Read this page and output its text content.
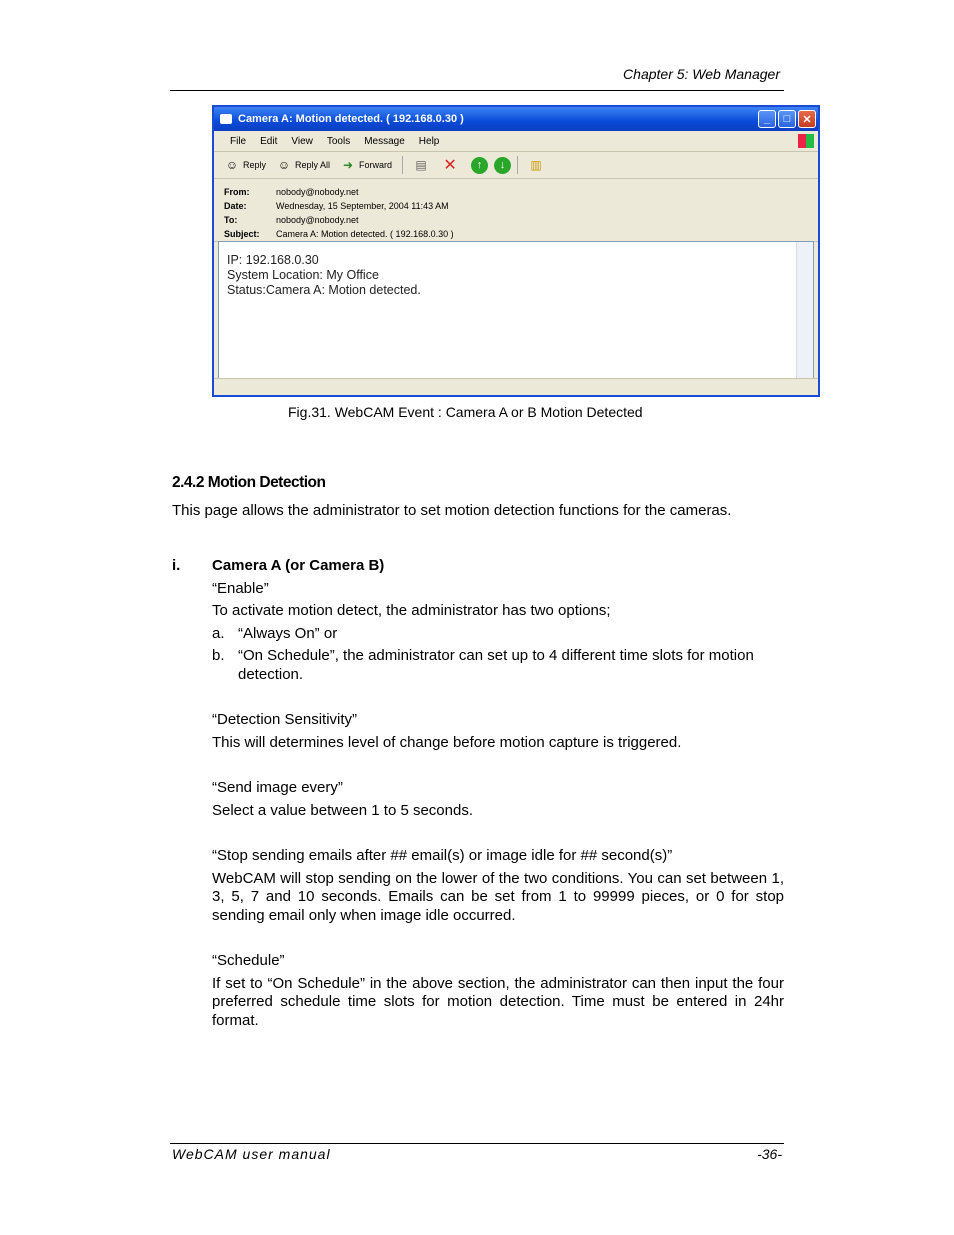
Chapter 5: Web Manager
Camera A: Motion detected. ( 192.168.0.30 )	_	□	✕
File Edit View Tools Message Help
☺ Reply ☺ Reply All ➜ Forward ▤ ✕	↑	↓	▥
From:	nobody@nobody.net
Date:	Wednesday, 15 September, 2004 11:43 AM
To:	nobody@nobody.net
Subject:	Camera A: Motion detected. ( 192.168.0.30 )
IP: 192.168.0.30
System Location: My Office
Status:Camera A: Motion detected.
Fig.31. WebCAM Event : Camera A or B Motion Detected
2.4.2 Motion Detection
This page allows the administrator to set motion detection functions for the cameras.
i.	Camera A (or Camera B)
“Enable”
To activate motion detect, the administrator has two options;
a. “Always On” or
b. “On Schedule”, the administrator can set up to 4 different time slots for motion detection.
“Detection Sensitivity”
This will determines level of change before motion capture is triggered.
“Send image every”
Select a value between 1 to 5 seconds.
“Stop sending emails after ## email(s) or image idle for ## second(s)”
WebCAM will stop sending on the lower of the two conditions. You can set between 1, 3, 5, 7 and 10 seconds. Emails can be set from 1 to 99999 pieces, or 0 for stop sending email only when image idle occurred.
“Schedule”
If set to “On Schedule” in the above section, the administrator can then input the four preferred schedule time slots for motion detection. Time must be entered in 24hr format.
WebCAM user manual	-36-
